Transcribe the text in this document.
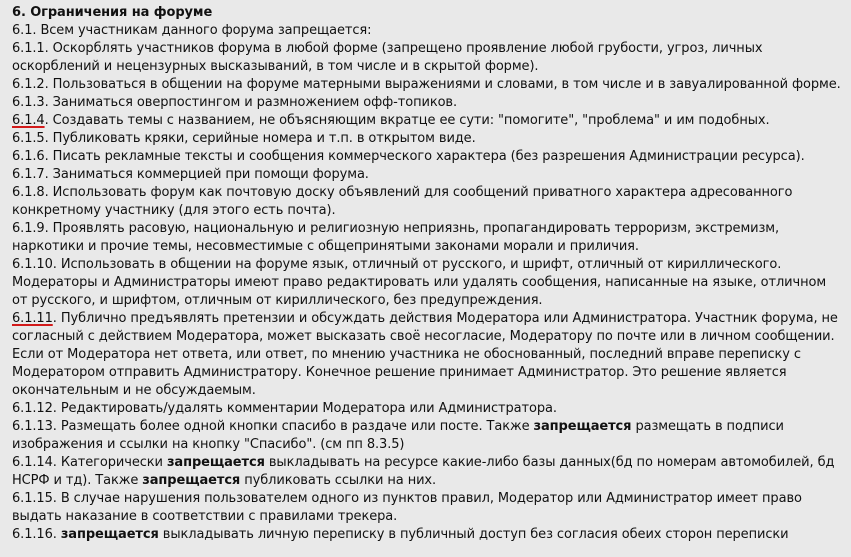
6. Ограничения на форуме

6.1. Всем участникам данного форума запрещается:

6.1.1. Оскорблять участников форума в любой форме (запрещено проявление любой грубости, угроз, личных оскорблений и нецензурных высказываний, в том числе и в скрытой форме).

6.1.2. Пользоваться в общении на форуме матерными выражениями и словами, в том числе и в завуалированной форме.

6.1.3. Заниматься оверпостингом и размножением офф-топиков.

6.1.4. Создавать темы с названием, не объясняющим вкратце ее сути: "помогите", "проблема" и им подобных.

6.1.5. Публиковать кряки, серийные номера и т.п. в открытом виде.

6.1.6. Писать рекламные тексты и сообщения коммерческого характера (без разрешения Администрации ресурса).

6.1.7. Заниматься коммерцией при помощи форума.

6.1.8. Использовать форум как почтовую доску объявлений для сообщений приватного характера адресованного конкретному участнику (для этого есть почта).

6.1.9. Проявлять расовую, национальную и религиозную неприязнь, пропагандировать терроризм, экстремизм, наркотики и прочие темы, несовместимые с общепринятыми законами морали и приличия.

6.1.10. Использовать в общении на форуме язык, отличный от русского, и шрифт, отличный от кириллического. Модераторы и Администраторы имеют право редактировать или удалять сообщения, написанные на языке, отличном от русского, и шрифтом, отличным от кириллического, без предупреждения.

6.1.11. Публично предъявлять претензии и обсуждать действия Модератора или Администратора. Участник форума, не согласный с действием Модератора, может высказать своё несогласие, Модератору по почте или в личном сообщении. Если от Модератора нет ответа, или ответ, по мнению участника не обоснованный, последний вправе переписку с Модератором отправить Администратору. Конечное решение принимает Администратор. Это решение является окончательным и не обсуждаемым.

6.1.12. Редактировать/удалять комментарии Модератора или Администратора.

6.1.13. Размещать более одной кнопки спасибо в раздаче или посте. Также запрещается размещать в подписи изображения и ссылки на кнопку "Спасибо". (см пп 8.3.5)

6.1.14. Категорически запрещается выкладывать на ресурсе какие-либо базы данных(бд по номерам автомобилей, бд НСРФ и тд). Также запрещается публиковать ссылки на них.

6.1.15. В случае нарушения пользователем одного из пунктов правил, Модератор или Администратор имеет право выдать наказание в соответствии с правилами трекера.

6.1.16. запрещается выкладывать личную переписку в публичный доступ без согласия обеих сторон переписки
